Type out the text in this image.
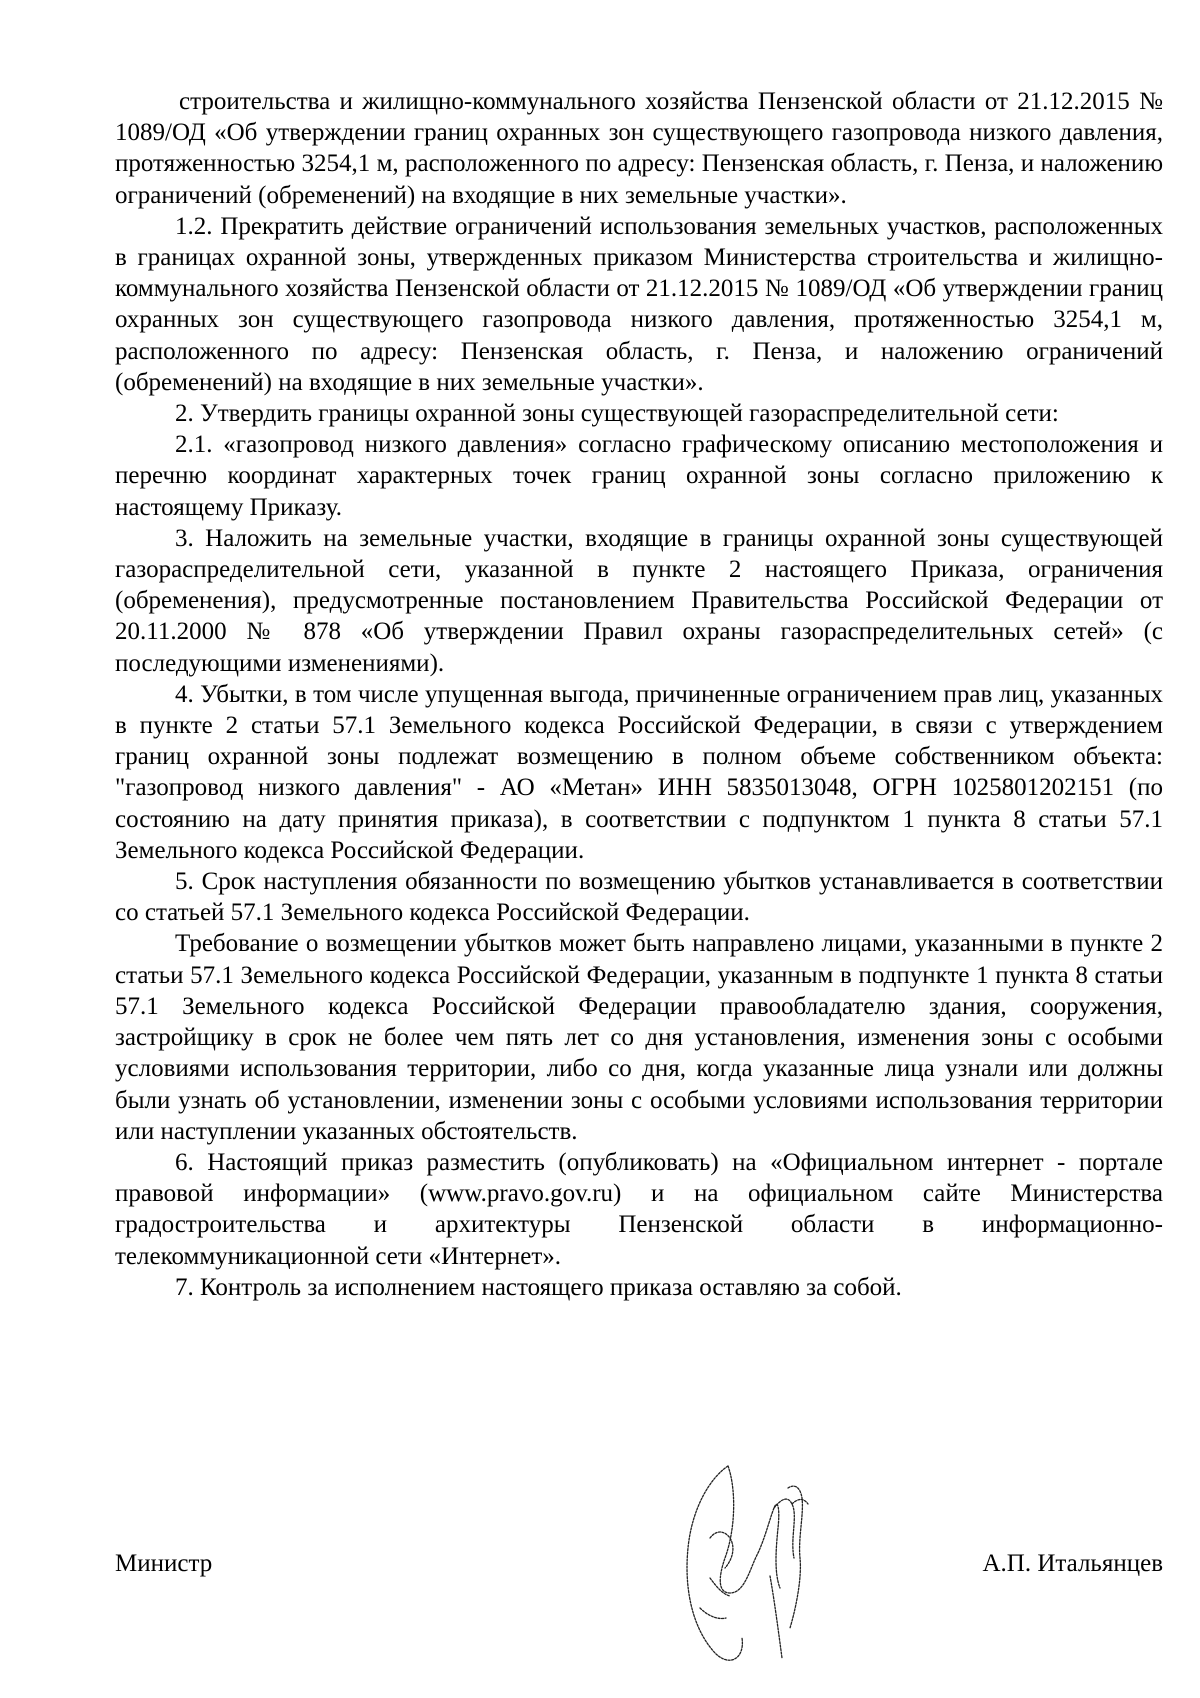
строительства и жилищно-коммунального хозяйства Пензенской области от 21.12.2015 № 1089/ОД «Об утверждении границ охранных зон существующего газопровода низкого давления, протяженностью 3254,1 м, расположенного по адресу: Пензенская область, г. Пенза, и наложению ограничений (обременений) на входящие в них земельные участки».

1.2. Прекратить действие ограничений использования земельных участков, расположенных в границах охранной зоны, утвержденных приказом Министерства строительства и жилищно-коммунального хозяйства Пензенской области от 21.12.2015 № 1089/ОД «Об утверждении границ охранных зон существующего газопровода низкого давления, протяженностью 3254,1 м, расположенного по адресу: Пензенская область, г. Пенза, и наложению ограничений (обременений) на входящие в них земельные участки».

2. Утвердить границы охранной зоны существующей газораспределительной сети:

2.1. «газопровод низкого давления» согласно графическому описанию местоположения и перечню координат характерных точек границ охранной зоны согласно приложению к настоящему Приказу.

3. Наложить на земельные участки, входящие в границы охранной зоны существующей газораспределительной сети, указанной в пункте 2 настоящего Приказа, ограничения (обременения), предусмотренные постановлением Правительства Российской Федерации от 20.11.2000 № 878 «Об утверждении Правил охраны газораспределительных сетей» (с последующими изменениями).

4. Убытки, в том числе упущенная выгода, причиненные ограничением прав лиц, указанных в пункте 2 статьи 57.1 Земельного кодекса Российской Федерации, в связи с утверждением границ охранной зоны подлежат возмещению в полном объеме собственником объекта: "газопровод низкого давления" - АО «Метан» ИНН 5835013048, ОГРН 1025801202151 (по состоянию на дату принятия приказа), в соответствии с подпунктом 1 пункта 8 статьи 57.1 Земельного кодекса Российской Федерации.

5. Срок наступления обязанности по возмещению убытков устанавливается в соответствии со статьей 57.1 Земельного кодекса Российской Федерации.

Требование о возмещении убытков может быть направлено лицами, указанными в пункте 2 статьи 57.1 Земельного кодекса Российской Федерации, указанным в подпункте 1 пункта 8 статьи 57.1 Земельного кодекса Российской Федерации правообладателю здания, сооружения, застройщику в срок не более чем пять лет со дня установления, изменения зоны с особыми условиями использования территории, либо со дня, когда указанные лица узнали или должны были узнать об установлении, изменении зоны с особыми условиями использования территории или наступлении указанных обстоятельств.

6. Настоящий приказ разместить (опубликовать) на «Официальном интернет - портале правовой информации» (www.pravo.gov.ru) и на официальном сайте Министерства градостроительства и архитектуры Пензенской области в информационно-телекоммуникационной сети «Интернет».

7. Контроль за исполнением настоящего приказа оставляю за собой.

Министр	А.П. Итальянцев
